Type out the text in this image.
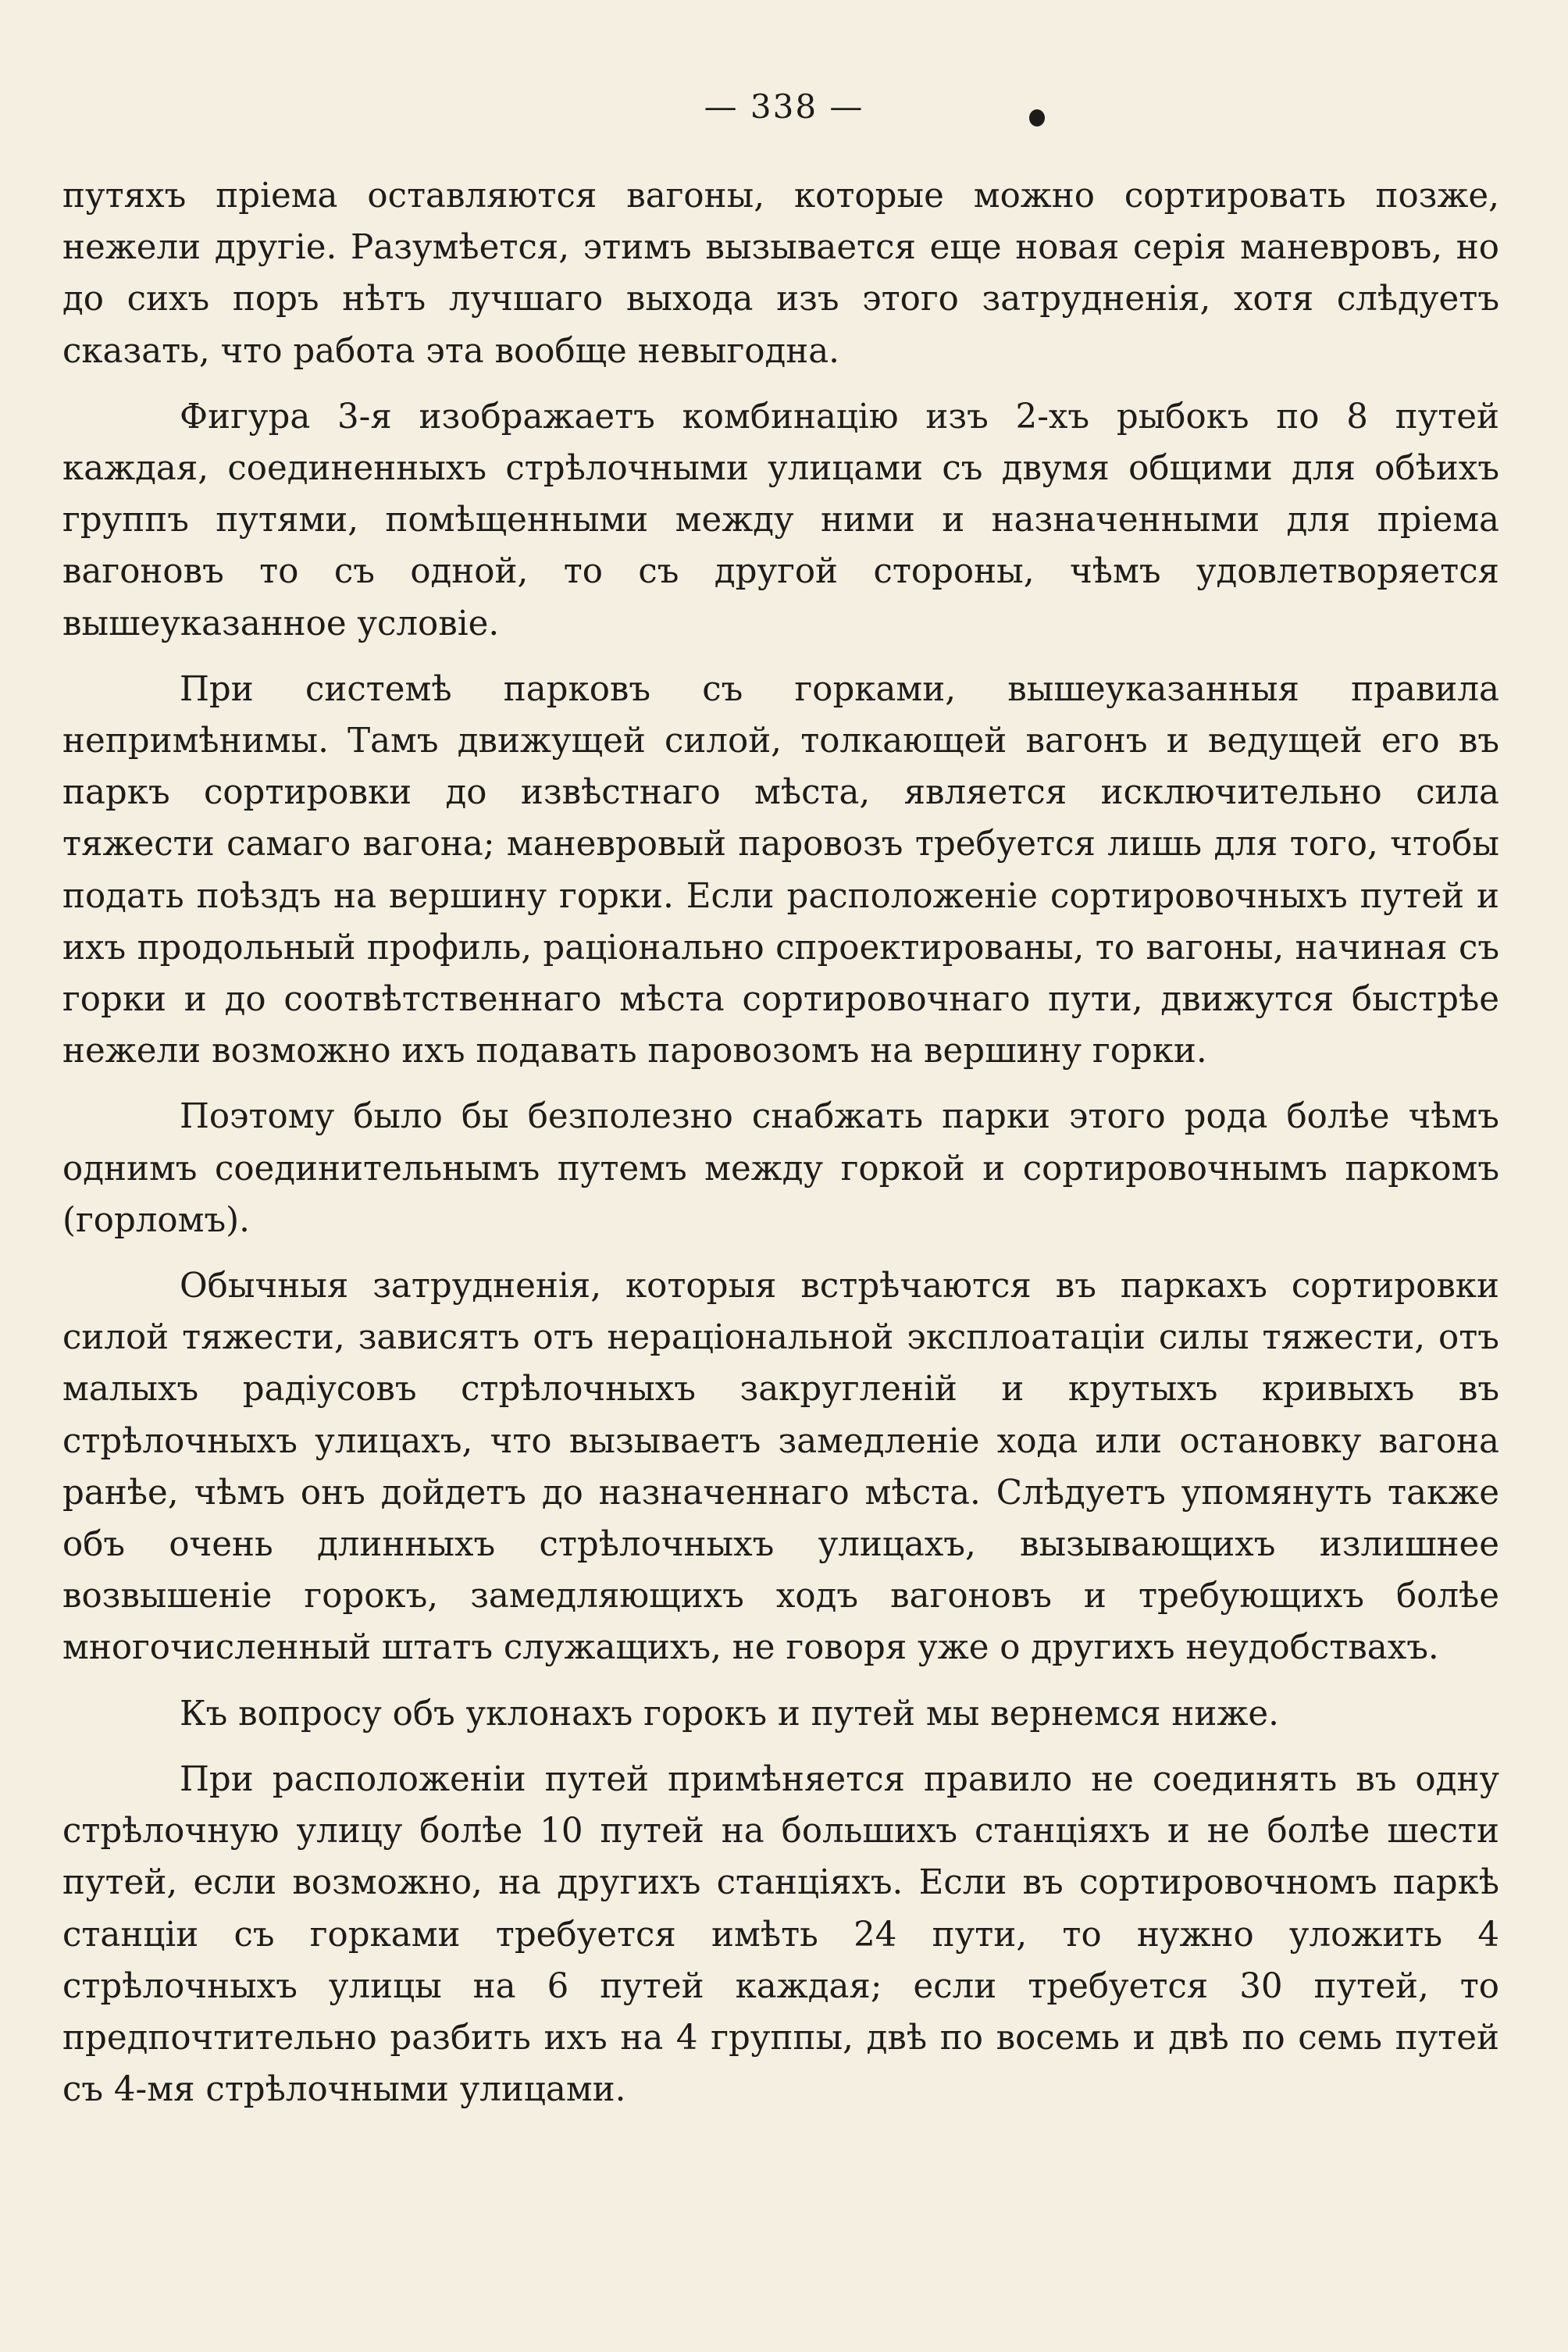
— 338 —

путяхъ пріема оставляются вагоны, которые можно сортировать позже, нежели другіе. Разумѣется, этимъ вызывается еще новая серія маневровъ, но до сихъ поръ нѣтъ лучшаго выхода изъ этого затрудненія, хотя слѣдуетъ сказать, что работа эта вообще невыгодна.

Фигура 3-я изображаетъ комбинацію изъ 2-хъ рыбокъ по 8 путей каждая, соединенныхъ стрѣлочными улицами съ двумя общими для обѣихъ группъ путями, помѣщенными между ними и назначенными для пріема вагоновъ то съ одной, то съ другой стороны, чѣмъ удовлетворяется вышеуказанное условіе.

При системѣ парковъ съ горками, вышеуказанныя правила непримѣнимы. Тамъ движущей силой, толкающей вагонъ и ведущей его въ паркъ сортировки до извѣстнаго мѣста, является исключительно сила тяжести самаго вагона; маневровый паровозъ требуется лишь для того, чтобы подать поѣздъ на вершину горки. Если расположеніе сортировочныхъ путей и ихъ продольный профиль, раціонально спроектированы, то вагоны, начиная съ горки и до соотвѣтственнаго мѣста сортировочнаго пути, движутся быстрѣе нежели возможно ихъ подавать паровозомъ на вершину горки.

Поэтому было бы безполезно снабжать парки этого рода болѣе чѣмъ однимъ соединительнымъ путемъ между горкой и сортировочнымъ паркомъ (горломъ).

Обычныя затрудненія, которыя встрѣчаются въ паркахъ сортировки силой тяжести, зависятъ отъ нераціональной эксплоатаціи силы тяжести, отъ малыхъ радіусовъ стрѣлочныхъ закругленій и крутыхъ кривыхъ въ стрѣлочныхъ улицахъ, что вызываетъ замедленіе хода или остановку вагона ранѣе, чѣмъ онъ дойдетъ до назначеннаго мѣста. Слѣдуетъ упомянуть также объ очень длинныхъ стрѣлочныхъ улицахъ, вызывающихъ излишнее возвышеніе горокъ, замедляющихъ ходъ вагоновъ и требующихъ болѣе многочисленный штатъ служащихъ, не говоря уже о другихъ неудобствахъ.

Къ вопросу объ уклонахъ горокъ и путей мы вернемся ниже.

При расположеніи путей примѣняется правило не соединять въ одну стрѣлочную улицу болѣе 10 путей на большихъ станціяхъ и не болѣе шести путей, если возможно, на другихъ станціяхъ. Если въ сортировочномъ паркѣ станціи съ горками требуется имѣть 24 пути, то нужно уложить 4 стрѣлочныхъ улицы на 6 путей каждая; если требуется 30 путей, то предпочтительно разбить ихъ на 4 группы, двѣ по восемь и двѣ по семь путей съ 4-мя стрѣлочными улицами.
